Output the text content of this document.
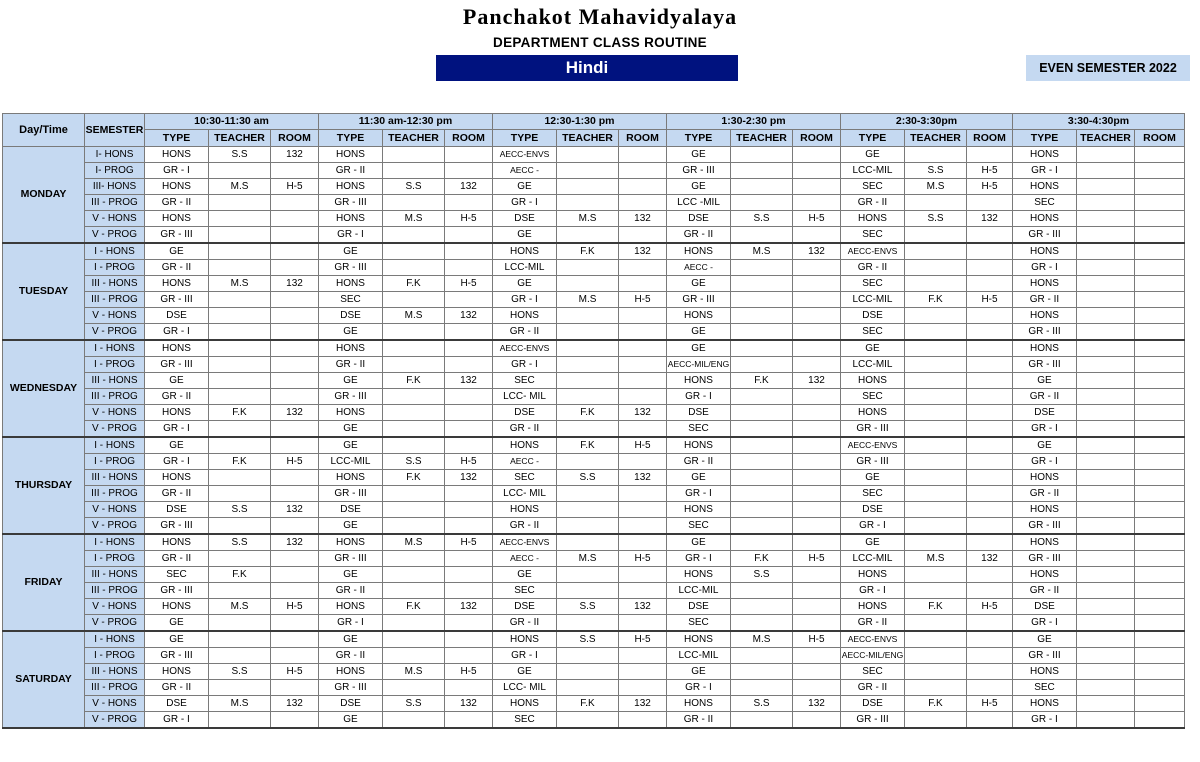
Panchakot Mahavidyalaya
DEPARTMENT CLASS ROUTINE
Hindi	EVEN SEMESTER 2022
Day/Time	SEMESTER	10:30-11:30 am			11:30 am-12:30 pm			12:30-1:30 pm			1:30-2:30 pm			2:30-3:30pm			3:30-4:30pm		
		TYPE	TEACHER	ROOM	TYPE	TEACHER	ROOM	TYPE	TEACHER	ROOM	TYPE	TEACHER	ROOM	TYPE	TEACHER	ROOM	TYPE	TEACHER	ROOM
MONDAY	I- HONS	HONS	S.S	132	HONS			AECC-ENVS			GE			GE			HONS		
	I- PROG	GR - I			GR - II			AECC -			GR - III			LCC-MIL	S.S	H-5	GR - I		
	III- HONS	HONS	M.S	H-5	HONS	S.S	132	GE			GE			SEC	M.S	H-5	HONS		
	III - PROG	GR - II			GR - III			GR - I			LCC -MIL			GR - II			SEC		
	V - HONS	HONS			HONS	M.S	H-5	DSE	M.S	132	DSE	S.S	H-5	HONS	S.S	132	HONS		
	V - PROG	GR - III			GR - I			GE			GR - II			SEC			GR - III		
TUESDAY	I - HONS	GE			GE			HONS	F.K	132	HONS	M.S	132	AECC-ENVS			HONS		
	I - PROG	GR - II			GR - III			LCC-MIL			AECC -			GR - II			GR - I		
	III - HONS	HONS	M.S	132	HONS	F.K	H-5	GE			GE			SEC			HONS		
	III - PROG	GR - III			SEC			GR - I	M.S	H-5	GR - III			LCC-MIL	F.K	H-5	GR - II		
	V - HONS	DSE			DSE	M.S	132	HONS			HONS			DSE			HONS		
	V - PROG	GR - I			GE			GR - II			GE			SEC			GR - III		
WEDNESDAY	I - HONS	HONS			HONS			AECC-ENVS			GE			GE			HONS		
	I - PROG	GR - III			GR - II			GR - I			AECC-MIL/ENG			LCC-MIL			GR - III		
	III - HONS	GE			GE	F.K	132	SEC			HONS	F.K	132	HONS			GE		
	III - PROG	GR - II			GR - III			LCC- MIL			GR - I			SEC			GR - II		
	V - HONS	HONS	F.K	132	HONS			DSE	F.K	132	DSE			HONS			DSE		
	V - PROG	GR - I			GE			GR - II			SEC			GR - III			GR - I		
THURSDAY	I - HONS	GE			GE			HONS	F.K	H-5	HONS			AECC-ENVS			GE		
	I - PROG	GR - I	F.K	H-5	LCC-MIL	S.S	H-5	AECC -			GR - II			GR - III			GR - I		
	III - HONS	HONS			HONS	F.K	132	SEC	S.S	132	GE			GE			HONS		
	III - PROG	GR - II			GR - III			LCC- MIL			GR - I			SEC			GR - II		
	V - HONS	DSE	S.S	132	DSE			HONS			HONS			DSE			HONS		
	V - PROG	GR - III			GE			GR - II			SEC			GR - I			GR - III		
FRIDAY	I - HONS	HONS	S.S	132	HONS	M.S	H-5	AECC-ENVS			GE			GE			HONS		
	I - PROG	GR - II			GR - III			AECC -	M.S	H-5	GR - I	F.K	H-5	LCC-MIL	M.S	132	GR - III		
	III - HONS	SEC	F.K		GE			GE			HONS	S.S		HONS			HONS		
	III - PROG	GR - III			GR - II			SEC			LCC-MIL			GR - I			GR - II		
	V - HONS	HONS	M.S	H-5	HONS	F.K	132	DSE	S.S	132	DSE			HONS	F.K	H-5	DSE		
	V - PROG	GE			GR - I			GR - II			SEC			GR - II			GR - I		
SATURDAY	I - HONS	GE			GE			HONS	S.S	H-5	HONS	M.S	H-5	AECC-ENVS			GE		
	I - PROG	GR - III			GR - II			GR - I			LCC-MIL			AECC-MIL/ENG			GR - III		
	III - HONS	HONS	S.S	H-5	HONS	M.S	H-5	GE			GE			SEC			HONS		
	III - PROG	GR - II			GR - III			LCC- MIL			GR - I			GR - II			SEC		
	V - HONS	DSE	M.S	132	DSE	S.S	132	HONS	F.K	132	HONS	S.S	132	DSE	F.K	H-5	HONS		
	V - PROG	GR - I			GE			SEC			GR - II			GR - III			GR - I		
